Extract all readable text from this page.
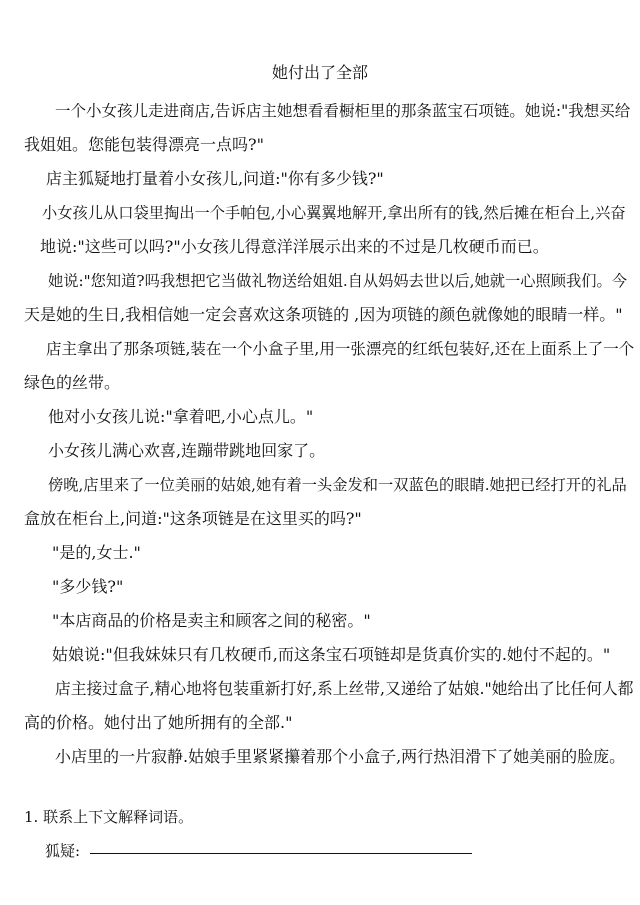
她付出了全部
一个小女孩儿走进商店,告诉店主她想看看橱柜里的那条蓝宝石项链。她说:"我想买给
我姐姐。您能包装得漂亮一点吗?"
店主狐疑地打量着小女孩儿,问道:"你有多少钱?"
小女孩儿从口袋里掏出一个手帕包,小心翼翼地解开,拿出所有的钱,然后摊在柜台上,兴奋
地说:"这些可以吗?"小女孩儿得意洋洋展示出来的不过是几枚硬币而已。
她说:"您知道?吗我想把它当做礼物送给姐姐.自从妈妈去世以后,她就一心照顾我们。今
天是她的生日,我相信她一定会喜欢这条项链的 ,因为项链的颜色就像她的眼睛一样。"
店主拿出了那条项链,装在一个小盒子里,用一张漂亮的红纸包装好,还在上面系上了一个
绿色的丝带。
他对小女孩儿说:"拿着吧,小心点儿。"
小女孩儿满心欢喜,连蹦带跳地回家了。
傍晚,店里来了一位美丽的姑娘,她有着一头金发和一双蓝色的眼睛.她把已经打开的礼品
盒放在柜台上,问道:"这条项链是在这里买的吗?"
"是的,女士."
"多少钱?"
"本店商品的价格是卖主和顾客之间的秘密。"
姑娘说:"但我妹妹只有几枚硬币,而这条宝石项链却是货真价实的.她付不起的。"
店主接过盒子,精心地将包装重新打好,系上丝带,又递给了姑娘."她给出了比任何人都
高的价格。她付出了她所拥有的全部."
小店里的一片寂静.姑娘手里紧紧攥着那个小盒子,两行热泪滑下了她美丽的脸庞。
1. 联系上下文解释词语。
狐疑:
